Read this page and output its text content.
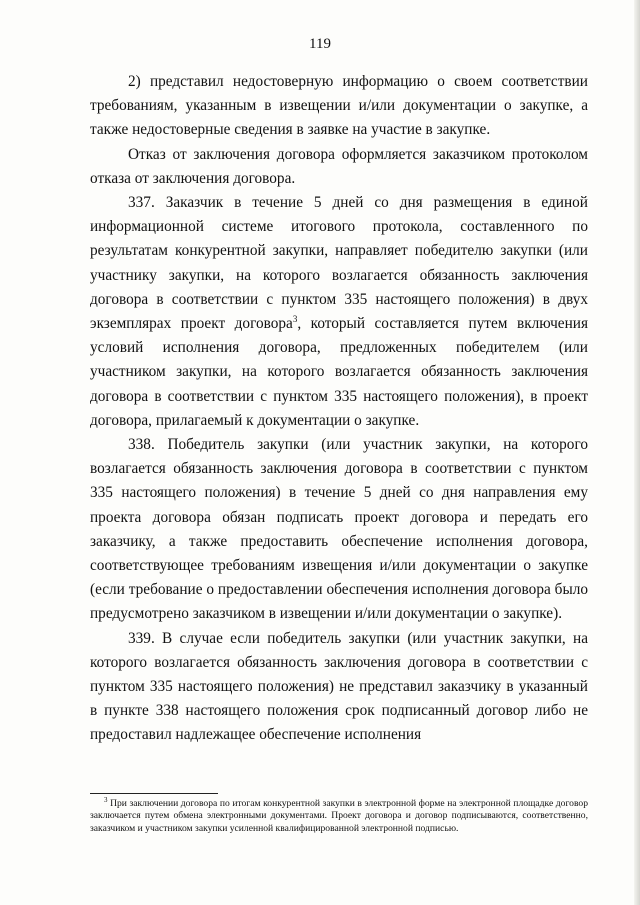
119

2) представил недостоверную информацию о своем соответствии требованиям, указанным в извещении и/или документации о закупке, а также недостоверные сведения в заявке на участие в закупке.

Отказ от заключения договора оформляется заказчиком протоколом отказа от заключения договора.

337. Заказчик в течение 5 дней со дня размещения в единой информационной системе итогового протокола, составленного по результатам конкурентной закупки, направляет победителю закупки (или участнику закупки, на которого возлагается обязанность заключения договора в соответствии с пунктом 335 настоящего положения) в двух экземплярах проект договора$^3$, который составляется путем включения условий исполнения договора, предложенных победителем (или участником закупки, на которого возлагается обязанность заключения договора в соответствии с пунктом 335 настоящего положения), в проект договора, прилагаемый к документации о закупке.

338. Победитель закупки (или участник закупки, на которого возлагается обязанность заключения договора в соответствии с пунктом 335 настоящего положения) в течение 5 дней со дня направления ему проекта договора обязан подписать проект договора и передать его заказчику, а также предоставить обеспечение исполнения договора, соответствующее требованиям извещения и/или документации о закупке (если требование о предоставлении обеспечения исполнения договора было предусмотрено заказчиком в извещении и/или документации о закупке).

339. В случае если победитель закупки (или участник закупки, на которого возлагается обязанность заключения договора в соответствии с пунктом 335 настоящего положения) не представил заказчику в указанный в пункте 338 настоящего положения срок подписанный договор либо не предоставил надлежащее обеспечение исполнения

$^3$ При заключении договора по итогам конкурентной закупки в электронной форме на электронной площадке договор заключается путем обмена электронными документами. Проект договора и договор подписываются, соответственно, заказчиком и участником закупки усиленной квалифицированной электронной подписью.
